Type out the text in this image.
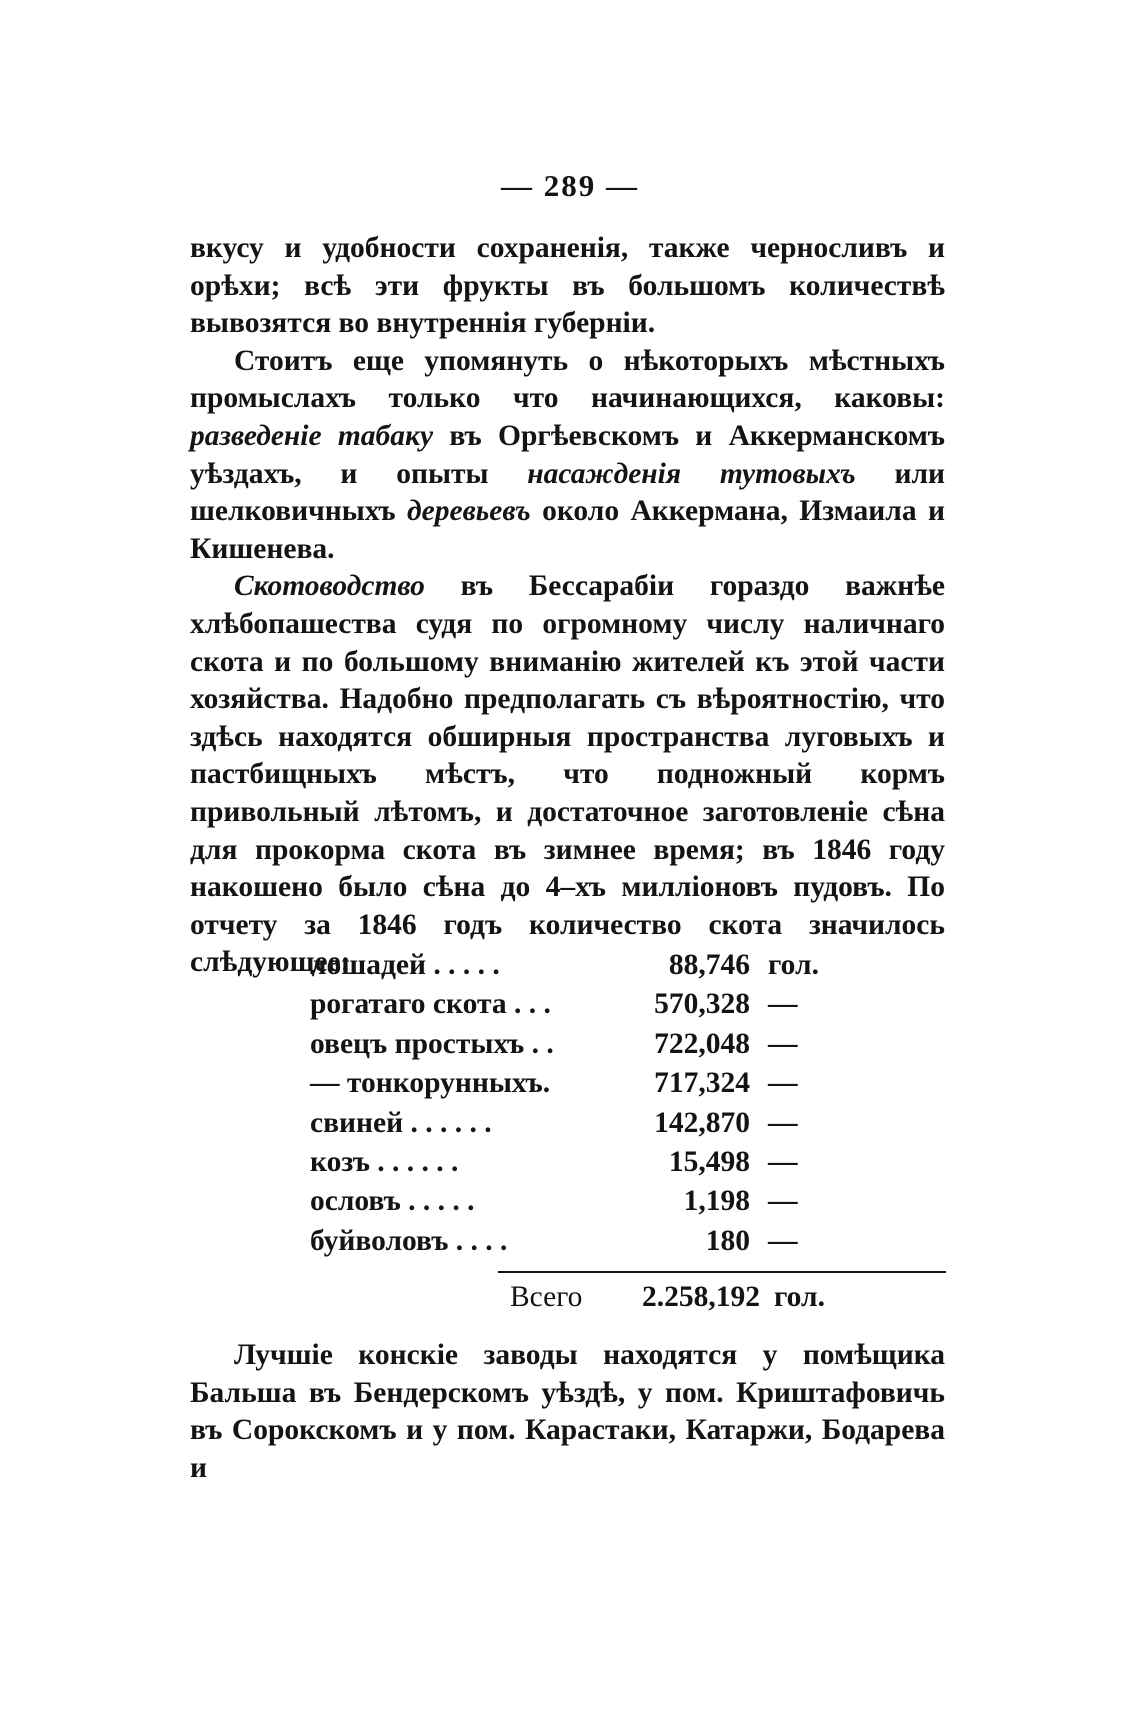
— 289 —

вкусу и удобности сохраненія, также черносливъ и орѣхи; всѣ эти фрукты въ большомъ количествѣ вывозятся во внутреннія губерніи.

Стоитъ еще упомянуть о нѣкоторыхъ мѣстныхъ промыслахъ только что начинающихся, каковы: разведеніе табаку въ Оргѣевскомъ и Аккерманскомъ уѣздахъ, и опыты насажденія тутовыхъ или шелковичныхъ деревьевъ около Аккермана, Измаила и Кишенева.

Скотоводство въ Бессарабіи гораздо важнѣе хлѣбопашества судя по огромному числу наличнаго скота и по большому вниманію жителей къ этой части хозяйства. Надобно предполагать съ вѣроятностію, что здѣсь находятся обширныя пространства луговыхъ и пастбищныхъ мѣстъ, что подножный кормъ привольный лѣтомъ, и достаточное заготовленіе сѣна для прокорма скота въ зимнее время; въ 1846 году накошено было сѣна до 4–хъ милліоновъ пудовъ. По отчету за 1846 годъ количество скота значилось слѣдующее:

лошадей . . . . .	88,746	гол.
рогатаго скота . . .	570,328	—
овецъ простыхъ . .	722,048	—
— тонкорунныхъ.	717,324	—
свиней . . . . . .	142,870	—
козъ . . . . . .	15,498	—
ословъ . . . . .	1,198	—
буйволовъ . . . .	180	—
Всего 2.258,192 гол.

Лучшіе конскіе заводы находятся у помѣщика Бальша въ Бендерскомъ уѣздѣ, у пом. Криштафовичь въ Сорокскомъ и у пом. Карастаки, Катаржи, Бодарева и
